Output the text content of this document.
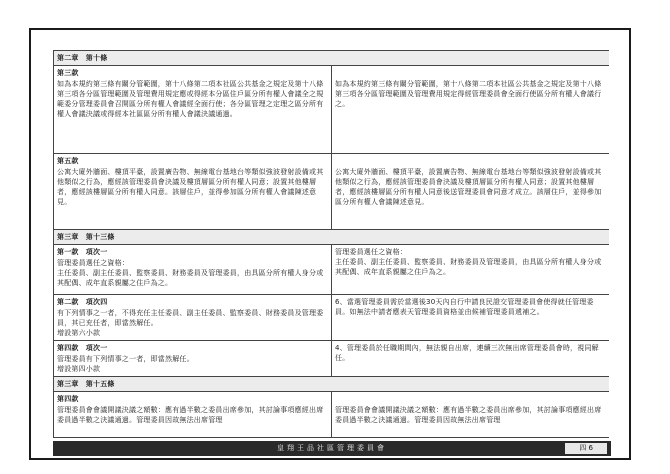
第二章　第十條	

第三款
如為本規約第三條有關分管範圍，第十八條第二項本社區公共基金之規定及第十八條第三項各分區管理範圍及管理費用規定應或得經本分區住戶區分所有權人會議全之規範委分管理委員會召開區分所有權人會議經全面行使；各分區管理之定理之區分所有權人會議決議或得經本社區區分所有權人會議決議通過。	如為本規約第三條有關分管範圍，第十八條第二項本社區公共基金之規定及第十八條第三項各分區管理範圍及管理費用規定得經管理委員會全面行使區分所有權人會議行之。

第五款
公寓大廈外牆面、樓頂平臺，設置廣告物、無線電台基地台等類似強波發射設備或其他類似之行為，應經該管理委員會決議及樓頂層區分所有權人同意；設置其他樓層者，應經該樓層區分所有權人同意。該層住戶，並得參加區分所有權人會議陳述意見。	公寓大廈外牆面、樓頂平臺，設置廣告物、無線電台基地台等類似強波發射設備或其他類似之行為，應經該管理委員會決議及樓頂層區分所有權人同意；設置其他樓層者，應經該樓層區分所有權人同意後送管理委員會同意才成立。該層住戶，並得參加區分所有權人會議陳述意見。

第三章　第十三條	

第一款　項次一
管理委員選任之資格：
主任委員、副主任委員、監察委員、財務委員及管理委員，由具區分所有權人身分或其配偶、成年直系親屬之住戶為之。	管理委員選任之資格：
主任委員、副主任委員、監察委員、財務委員及管理委員，由具區分所有權人身分或其配偶、成年直系親屬之住戶為之。

第二款　項次四
有下列情事之一者，不得充任主任委員、副主任委員、監察委員、財務委員及管理委員，其已充任者，即當然解任。
增設第六小款	6、當選管理委員需於當選後30天內自行中請良民證交管理委員會使得就任管理委員。如無法中請者應表天管理委員資格並由候補管理委員遞補之。

第四款　項次一
管理委員有下列情事之一者，即當然解任。
增設第四小款	4、管理委員於任職期間內，無法親自出席，連續三次無出席管理委員會時，視同解任。

第三章　第十五條	

第四款
管理委員會會議開議決議之額數：應有過半數之委員出席參加，其討論事項應經出席委員過半數之決議通過。管理委員因故無法出席管理	管理委員會會議開議決議之額數：應有過半數之委員出席參加，其討論事項應經出席委員過半數之決議通過。管理委員因故無法出席管理
皇翔王品社區管理委員會	四 6
